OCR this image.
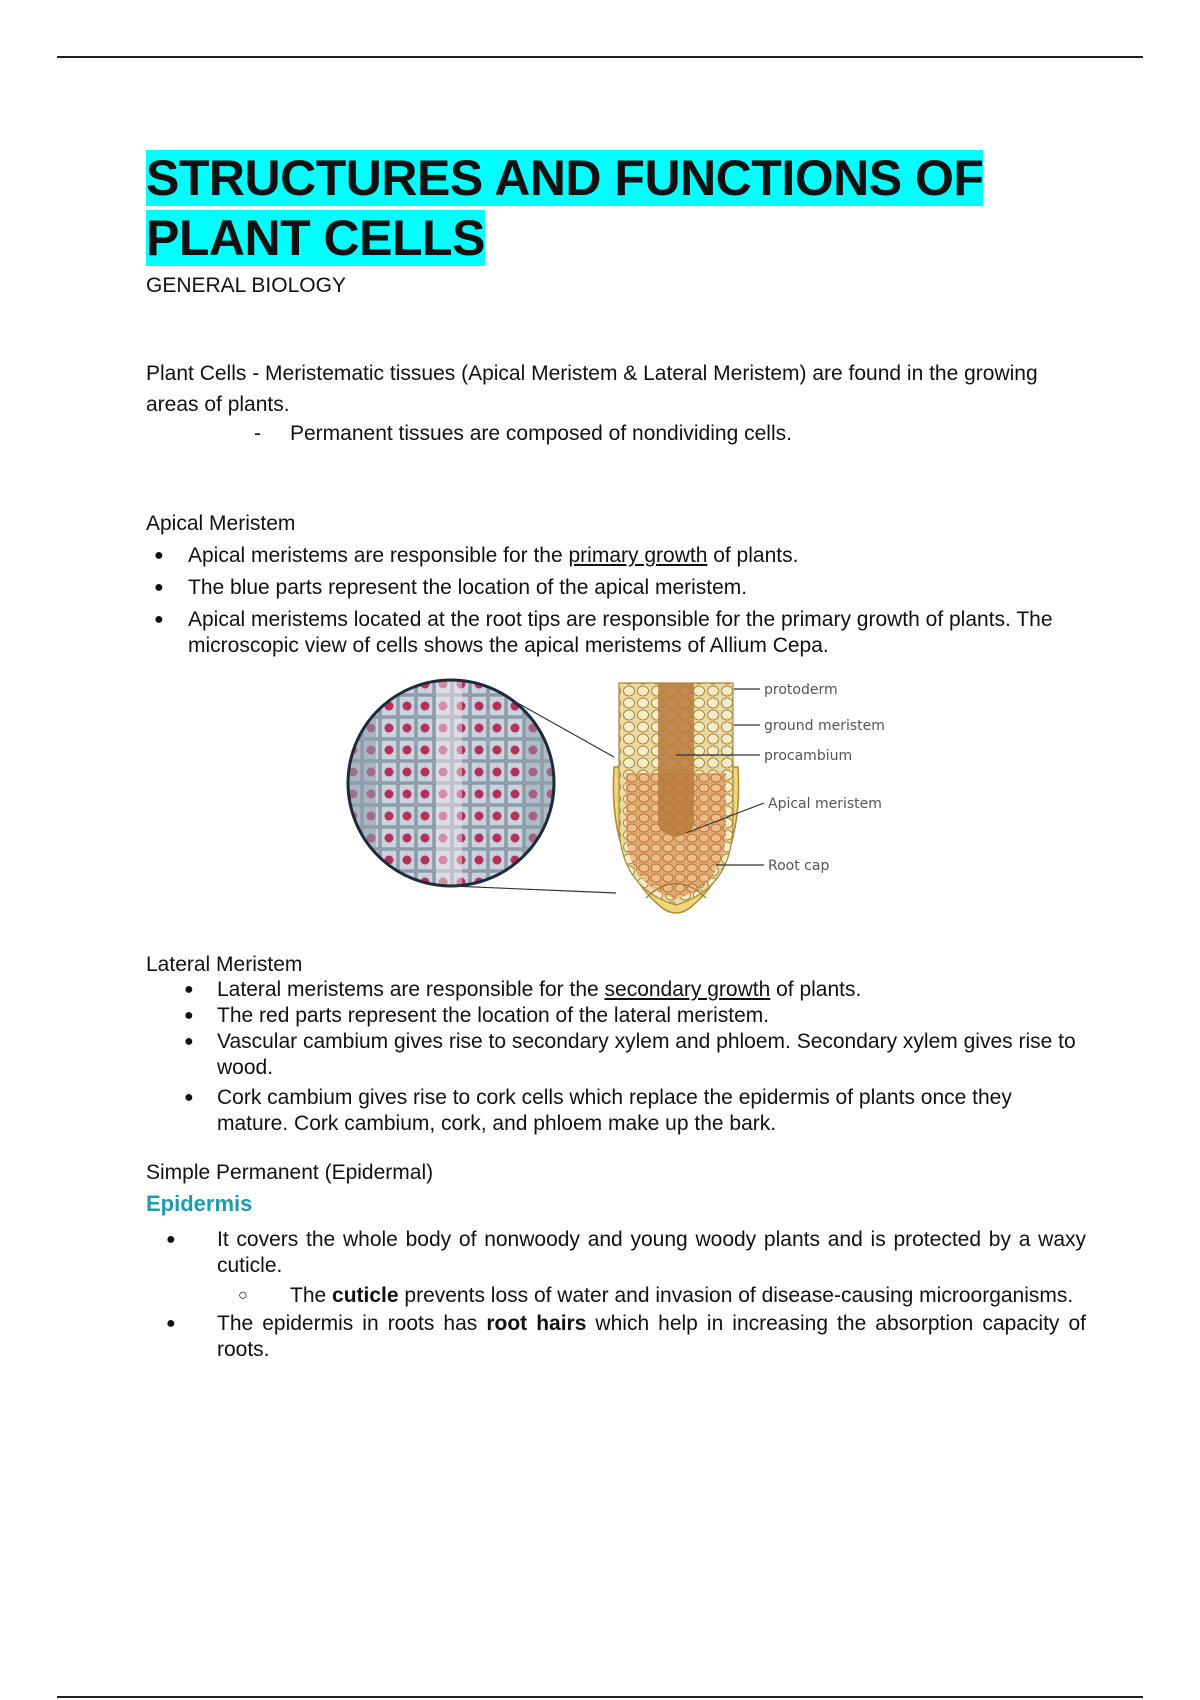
STRUCTURES AND FUNCTIONS OF
PLANT CELLS
GENERAL BIOLOGY

Plant Cells - Meristematic tissues (Apical Meristem & Lateral Meristem) are found in the growing areas of plants.

-	Permanent tissues are composed of nondividing cells.
Apical Meristem
●	Apical meristems are responsible for the primary growth of plants.
●	The blue parts represent the location of the apical meristem.
●	Apical meristems located at the root tips are responsible for the primary growth of plants. The microscopic view of cells shows the apical meristems of Allium Cepa.
protoderm
ground meristem
procambium
Apical meristem
Root cap
Lateral Meristem
●	Lateral meristems are responsible for the secondary growth of plants.
●	The red parts represent the location of the lateral meristem.
●	Vascular cambium gives rise to secondary xylem and phloem. Secondary xylem gives rise to wood.
●	Cork cambium gives rise to cork cells which replace the epidermis of plants once they mature. Cork cambium, cork, and phloem make up the bark.
Simple Permanent (Epidermal)
Epidermis
●	It covers the whole body of nonwoody and young woody plants and is protected by a waxy cuticle.
○	The cuticle prevents loss of water and invasion of disease-causing microorganisms.
●	The epidermis in roots has root hairs which help in increasing the absorption capacity of roots.
